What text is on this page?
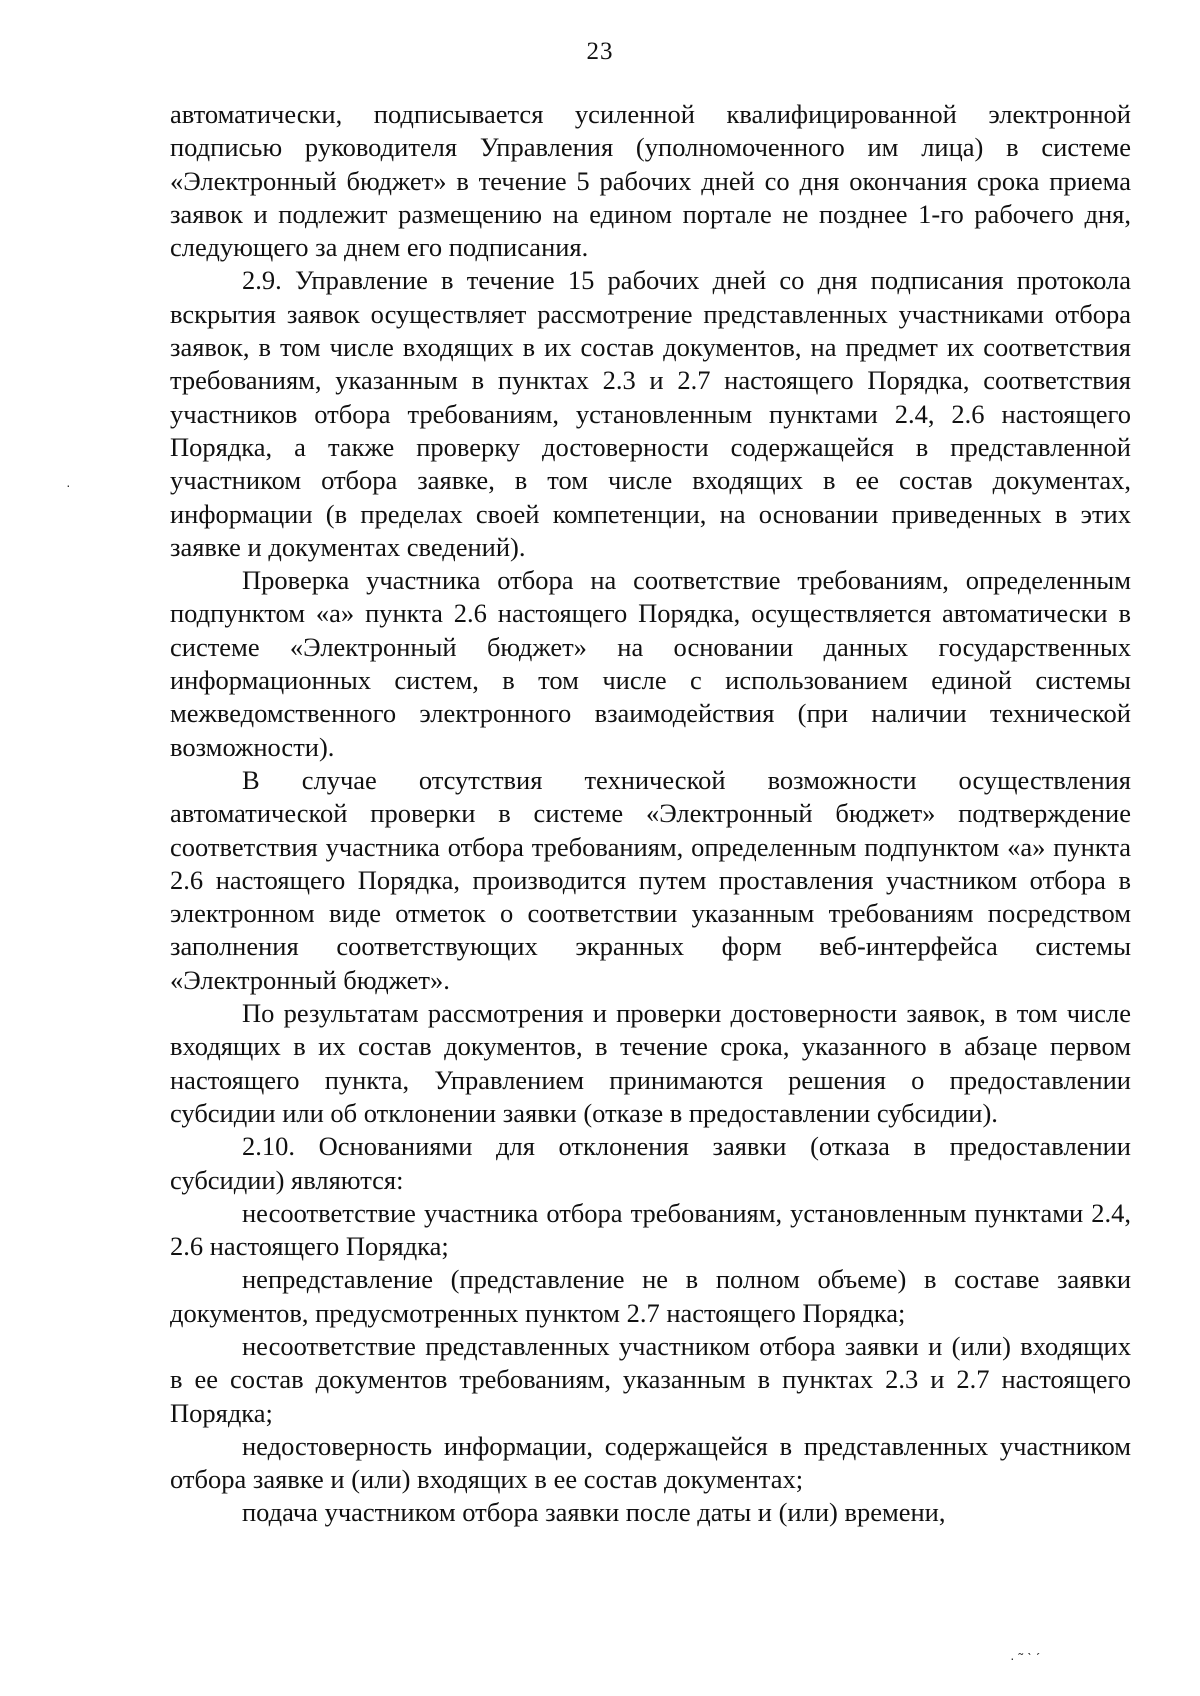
23

автоматически, подписывается усиленной квалифицированной электронной подписью руководителя Управления (уполномоченного им лица) в системе «Электронный бюджет» в течение 5 рабочих дней со дня окончания срока приема заявок и подлежит размещению на едином портале не позднее 1-го рабочего дня, следующего за днем его подписания.

2.9. Управление в течение 15 рабочих дней со дня подписания протокола вскрытия заявок осуществляет рассмотрение представленных участниками отбора заявок, в том числе входящих в их состав документов, на предмет их соответствия требованиям, указанным в пунктах 2.3 и 2.7 настоящего Порядка, соответствия участников отбора требованиям, установленным пунктами 2.4, 2.6 настоящего Порядка, а также проверку достоверности содержащейся в представленной участником отбора заявке, в том числе входящих в ее состав документах, информации (в пределах своей компетенции, на основании приведенных в этих заявке и документах сведений).

Проверка участника отбора на соответствие требованиям, определенным подпунктом «а» пункта 2.6 настоящего Порядка, осуществляется автоматически в системе «Электронный бюджет» на основании данных государственных информационных систем, в том числе с использованием единой системы межведомственного электронного взаимодействия (при наличии технической возможности).

В случае отсутствия технической возможности осуществления автоматической проверки в системе «Электронный бюджет» подтверждение соответствия участника отбора требованиям, определенным подпунктом «а» пункта 2.6 настоящего Порядка, производится путем проставления участником отбора в электронном виде отметок о соответствии указанным требованиям посредством заполнения соответствующих экранных форм веб-интерфейса системы «Электронный бюджет».

По результатам рассмотрения и проверки достоверности заявок, в том числе входящих в их состав документов, в течение срока, указанного в абзаце первом настоящего пункта, Управлением принимаются решения о предоставлении субсидии или об отклонении заявки (отказе в предоставлении субсидии).

2.10. Основаниями для отклонения заявки (отказа в предоставлении субсидии) являются:

несоответствие участника отбора требованиям, установленным пунктами 2.4, 2.6 настоящего Порядка;

непредставление (представление не в полном объеме) в составе заявки документов, предусмотренных пунктом 2.7 настоящего Порядка;

несоответствие представленных участником отбора заявки и (или) входящих в ее состав документов требованиям, указанным в пунктах 2.3 и 2.7 настоящего Порядка;

недостоверность информации, содержащейся в представленных участником отбора заявке и (или) входящих в ее состав документах;

подача участником отбора заявки после даты и (или) времени,

·
· ˜ ˋ ˊ
